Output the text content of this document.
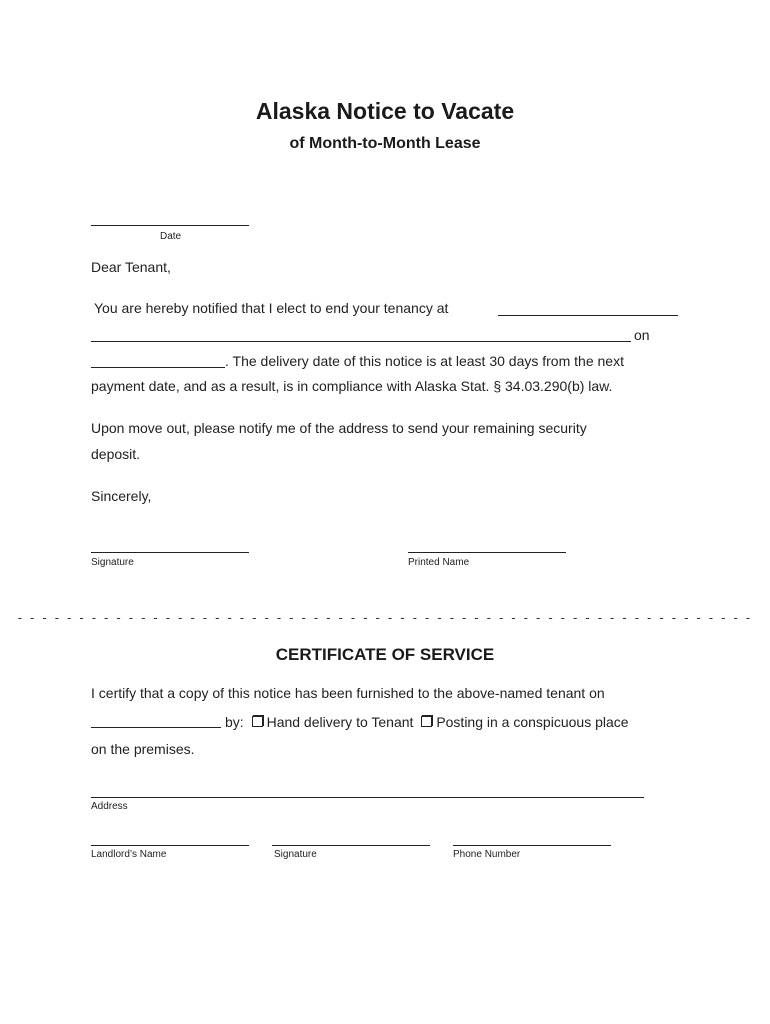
Alaska Notice to Vacate
of Month-to-Month Lease
Date
Dear Tenant,
You are hereby notified that I elect to end your tenancy at
on
. The delivery date of this notice is at least 30 days from the next
payment date, and as a result, is in compliance with Alaska Stat. § 34.03.290(b) law.
Upon move out, please notify me of the address to send your remaining security
deposit.
Sincerely,
Signature	Printed Name
- - - - - - - - - - - - - - - - - - - - - - - - - - - - - - - - - - - - - - - - - - - - - - - - - - - - - - - - - - - -
CERTIFICATE OF SERVICE
I certify that a copy of this notice has been furnished to the above-named tenant on
by: Hand delivery to Tenant Posting in a conspicuous place
on the premises.
Address
Landlord’s Name	Signature	Phone Number
